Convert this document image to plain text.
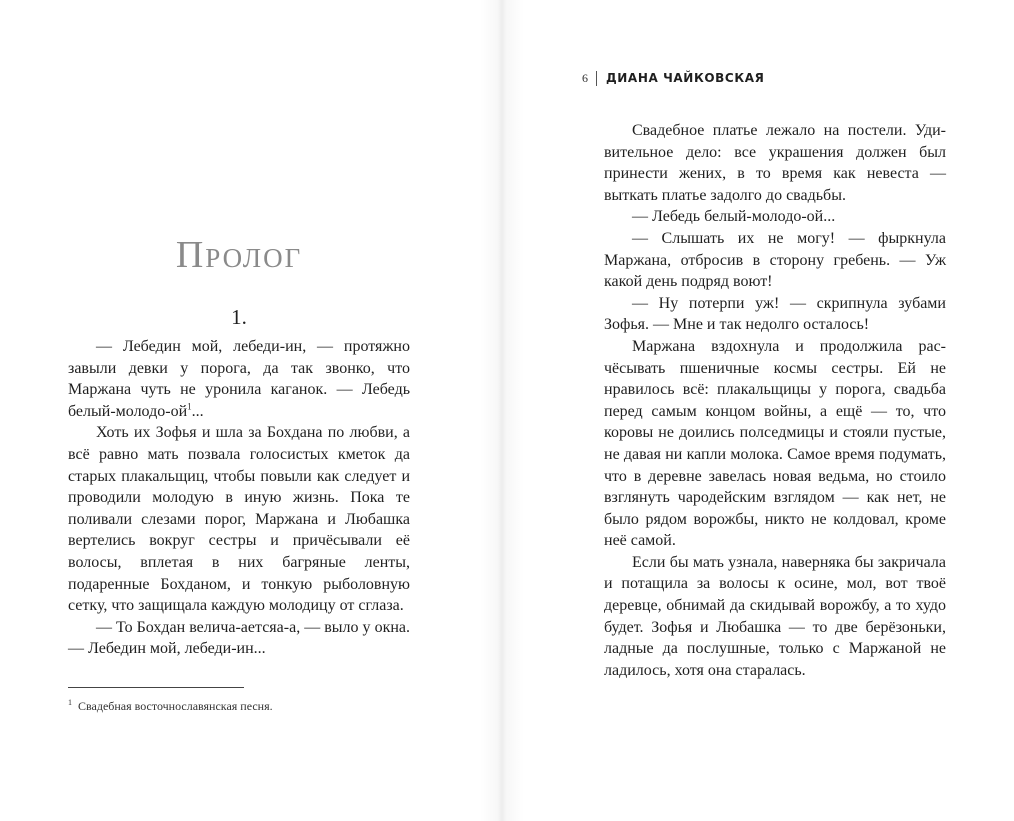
Пролог
1.

— Лебедин мой, лебеди-ин, — протяжно завыли девки у порога, да так звонко, что Маржана чуть не уронила каганок. — Лебедь белый-молодо-ой$^1$...

Хоть их Зофья и шла за Бохдана по любви, а всё равно мать позвала голосистых кметок да старых плакальщиц, чтобы повыли как следует и проводили молодую в иную жизнь. Пока те поливали слезами порог, Маржана и Любашка вертелись вокруг сестры и причёсывали её волосы, вплетая в них багряные ленты, подаренные Бохданом, и тонкую рыболовную сетку, что защищала каждую молодицу от сглаза.

— То Бохдан велича-аетсяа-а, — выло у окна. — Лебедин мой, лебеди-ин...

$^1$ Свадебная восточнославянская песня.
6 ДИАНА ЧАЙКОВСКАЯ

Свадебное платье лежало на постели. Удивительное дело: все украшения должен был принести жених, в то время как невеста — выткать платье задолго до свадьбы.

— Лебедь белый-молодо-ой...

— Слышать их не могу! — фыркнула Маржана, отбросив в сторону гребень. — Уж какой день подряд воют!

— Ну потерпи уж! — скрипнула зубами Зофья. — Мне и так недолго осталось!

Маржана вздохнула и продолжила расчёсывать пшеничные космы сестры. Ей не нравилось всё: плакальщицы у порога, свадьба перед самым концом войны, а ещё — то, что коровы не доились полседмицы и стояли пустые, не давая ни капли молока. Самое время подумать, что в деревне завелась новая ведьма, но стоило взглянуть чародейским взглядом — как нет, не было рядом ворожбы, никто не колдовал, кроме неё самой.

Если бы мать узнала, наверняка бы закричала и потащила за волосы к осине, мол, вот твоё деревце, обнимай да скидывай ворожбу, а то худо будет. Зофья и Любашка — то две берёзоньки, ладные да послушные, только с Маржаной не ладилось, хотя она старалась.
